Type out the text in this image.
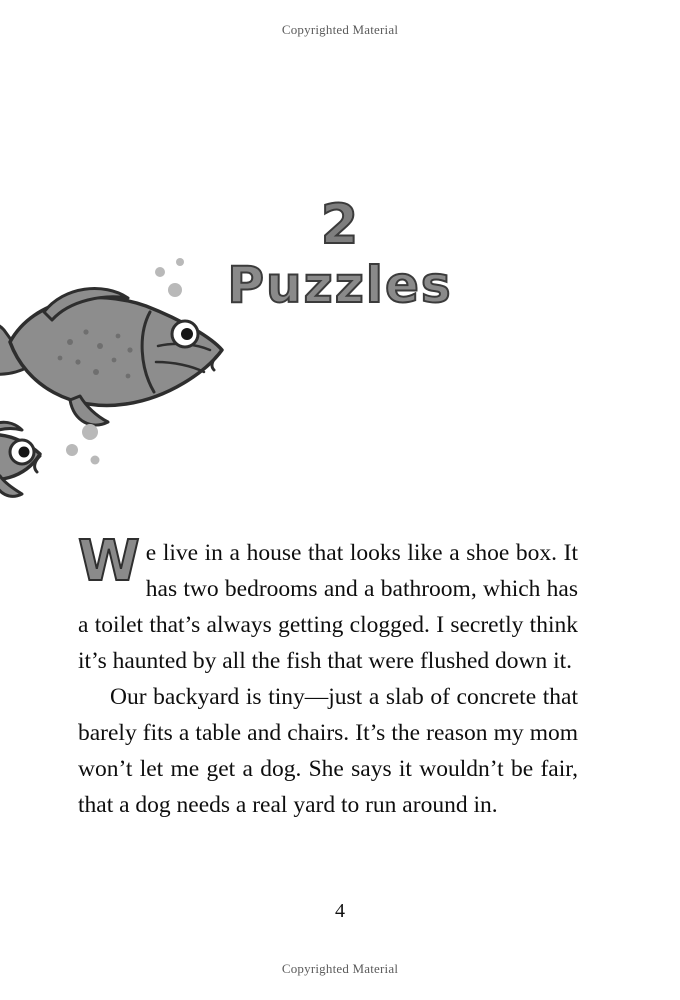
Copyrighted Material
2
Puzzles

We live in a house that looks like a shoe box. It has two bedrooms and a bathroom, which has a toilet that’s always getting clogged. I secretly think it’s haunted by all the fish that were flushed down it.

Our backyard is tiny—just a slab of concrete that barely fits a table and chairs. It’s the reason my mom won’t let me get a dog. She says it wouldn’t be fair, that a dog needs a real yard to run around in.

4
Copyrighted Material
